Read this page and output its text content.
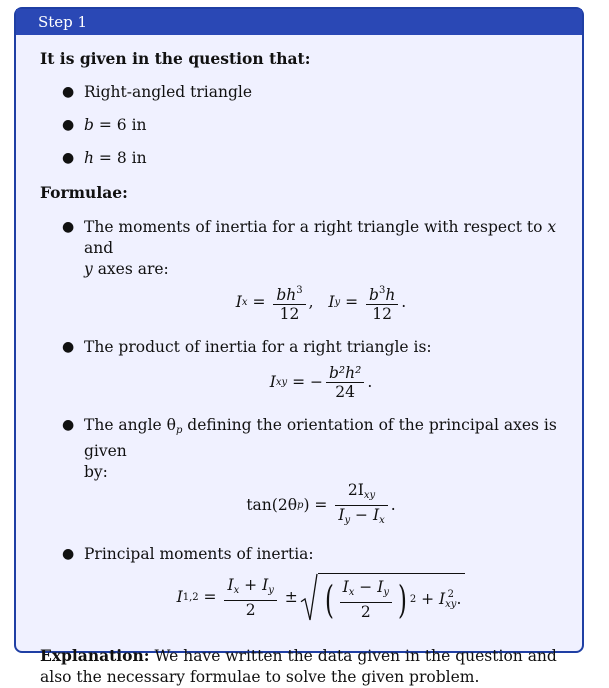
Step 1

It is given in the question that:

● Right-angled triangle
● b = 6 in
● h = 8 in

Formulae:

● The moments of inertia for a right triangle with respect to x and
y axes are:
I $x = \frac{bh^3}{12}$ , I $y = \frac{b^3h}{12}$ .
● The product of inertia for a right triangle is:
I xy = − $\frac{\text{b²h²}}{24}$ .
● The angle $\theta_p$ defining the orientation of the principal axes is given
by:
tan(2θ p ) = $\frac{2I_{xy}}{I_y - I_x}$ .
● Principal moments of inertia:
I $1,2 = \frac{I_x + I_y}{2}$ ± ( $\frac{I_x - I_y}{2}$ ) 2 + I 2
xy .

Explanation: We have written the data given in the question and also the necessary formulae to solve the given problem.
